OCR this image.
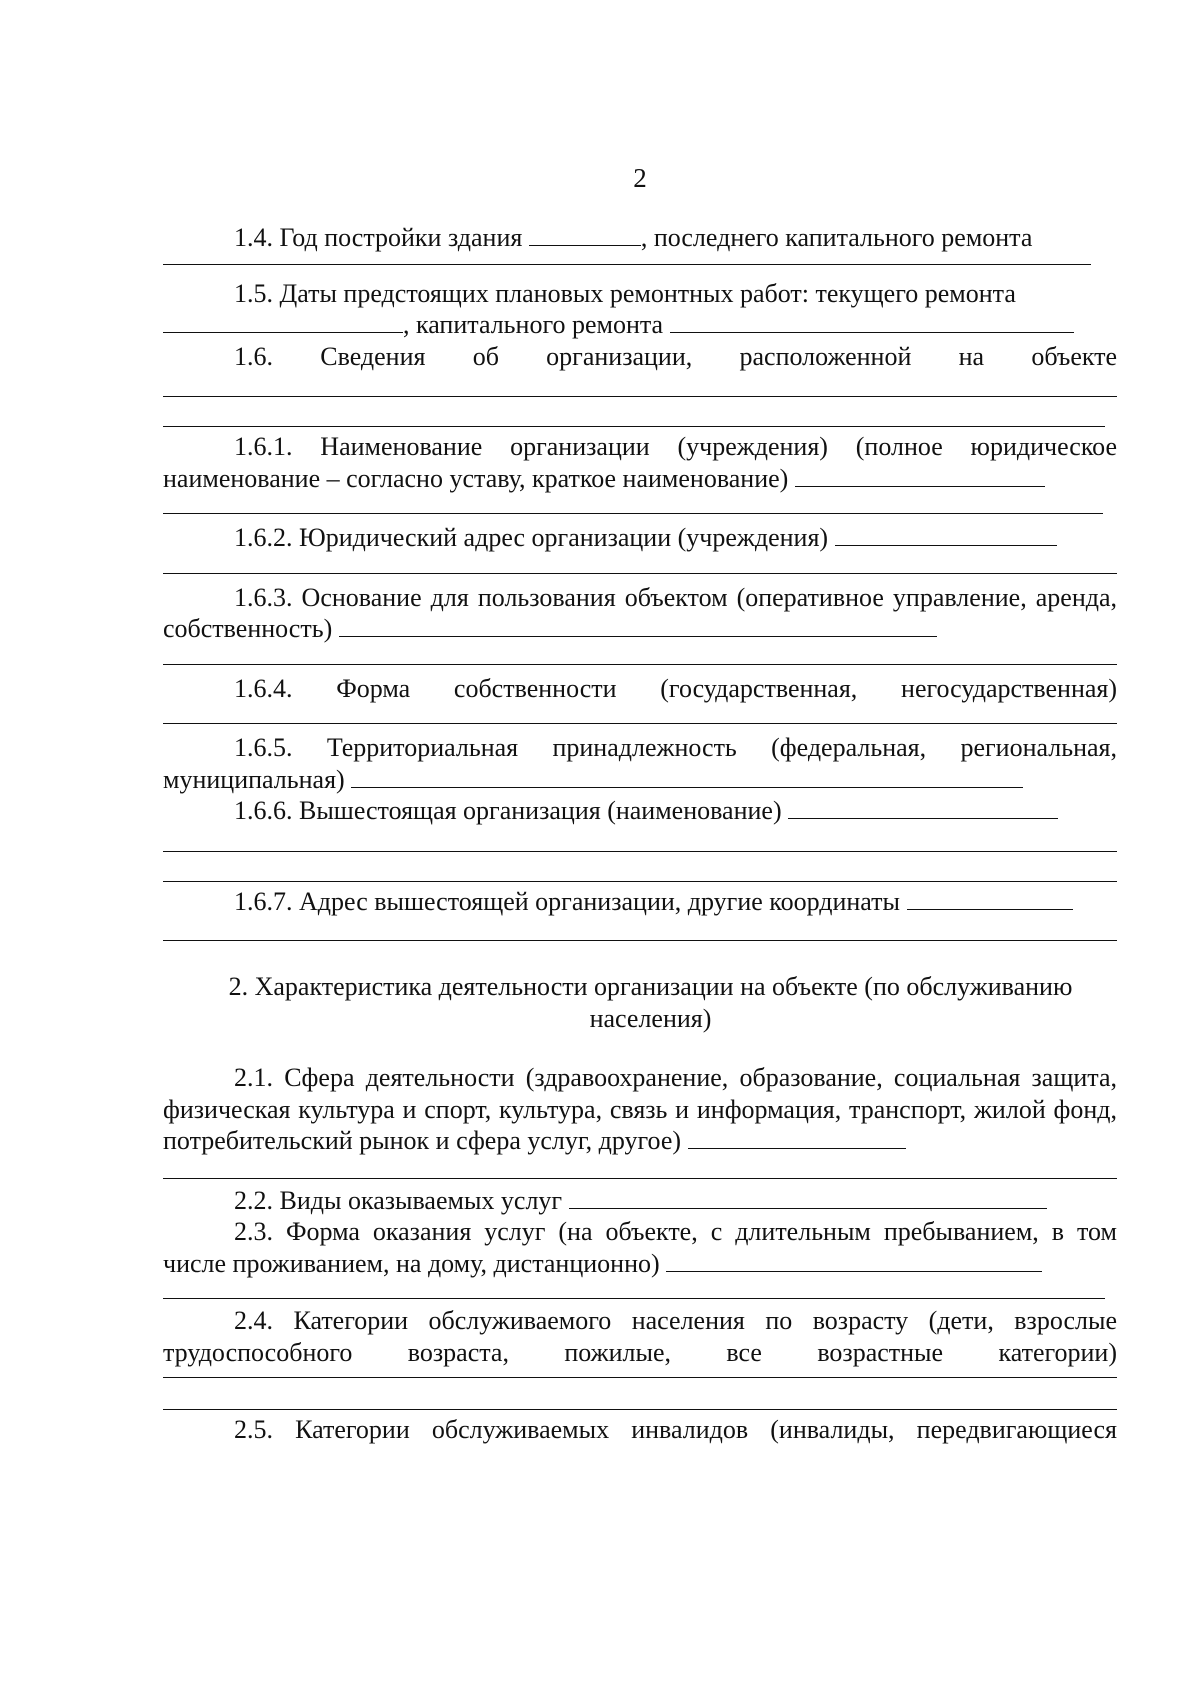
2

1.4. Год постройки здания	, последнего капитального ремонта

1.5. Даты предстоящих плановых ремонтных работ: текущего ремонта

, капитального ремонта

1.6. Сведения об организации, расположенной на объекте

1.6.1. Наименование организации (учреждения) (полное юридическое наименование – согласно уставу, краткое наименование)

1.6.2. Юридический адрес организации (учреждения)

1.6.3. Основание для пользования объектом (оперативное управление, аренда, собственность)

1.6.4. Форма собственности (государственная, негосударственная)

1.6.5. Территориальная принадлежность (федеральная, региональная, муниципальная)

1.6.6. Вышестоящая организация (наименование)

1.6.7. Адрес вышестоящей организации, другие координаты

2. Характеристика деятельности организации на объекте (по обслуживанию

населения)

2.1. Сфера деятельности (здравоохранение, образование, социальная защита, физическая культура и спорт, культура, связь и информация, транспорт, жилой фонд, потребительский рынок и сфера услуг, другое)

2.2. Виды оказываемых услуг

2.3. Форма оказания услуг (на объекте, с длительным пребыванием, в том числе проживанием, на дому, дистанционно)

2.4. Категории обслуживаемого населения по возрасту (дети, взрослые трудоспособного возраста, пожилые, все возрастные категории)

2.5. Категории обслуживаемых инвалидов (инвалиды, передвигающиеся
